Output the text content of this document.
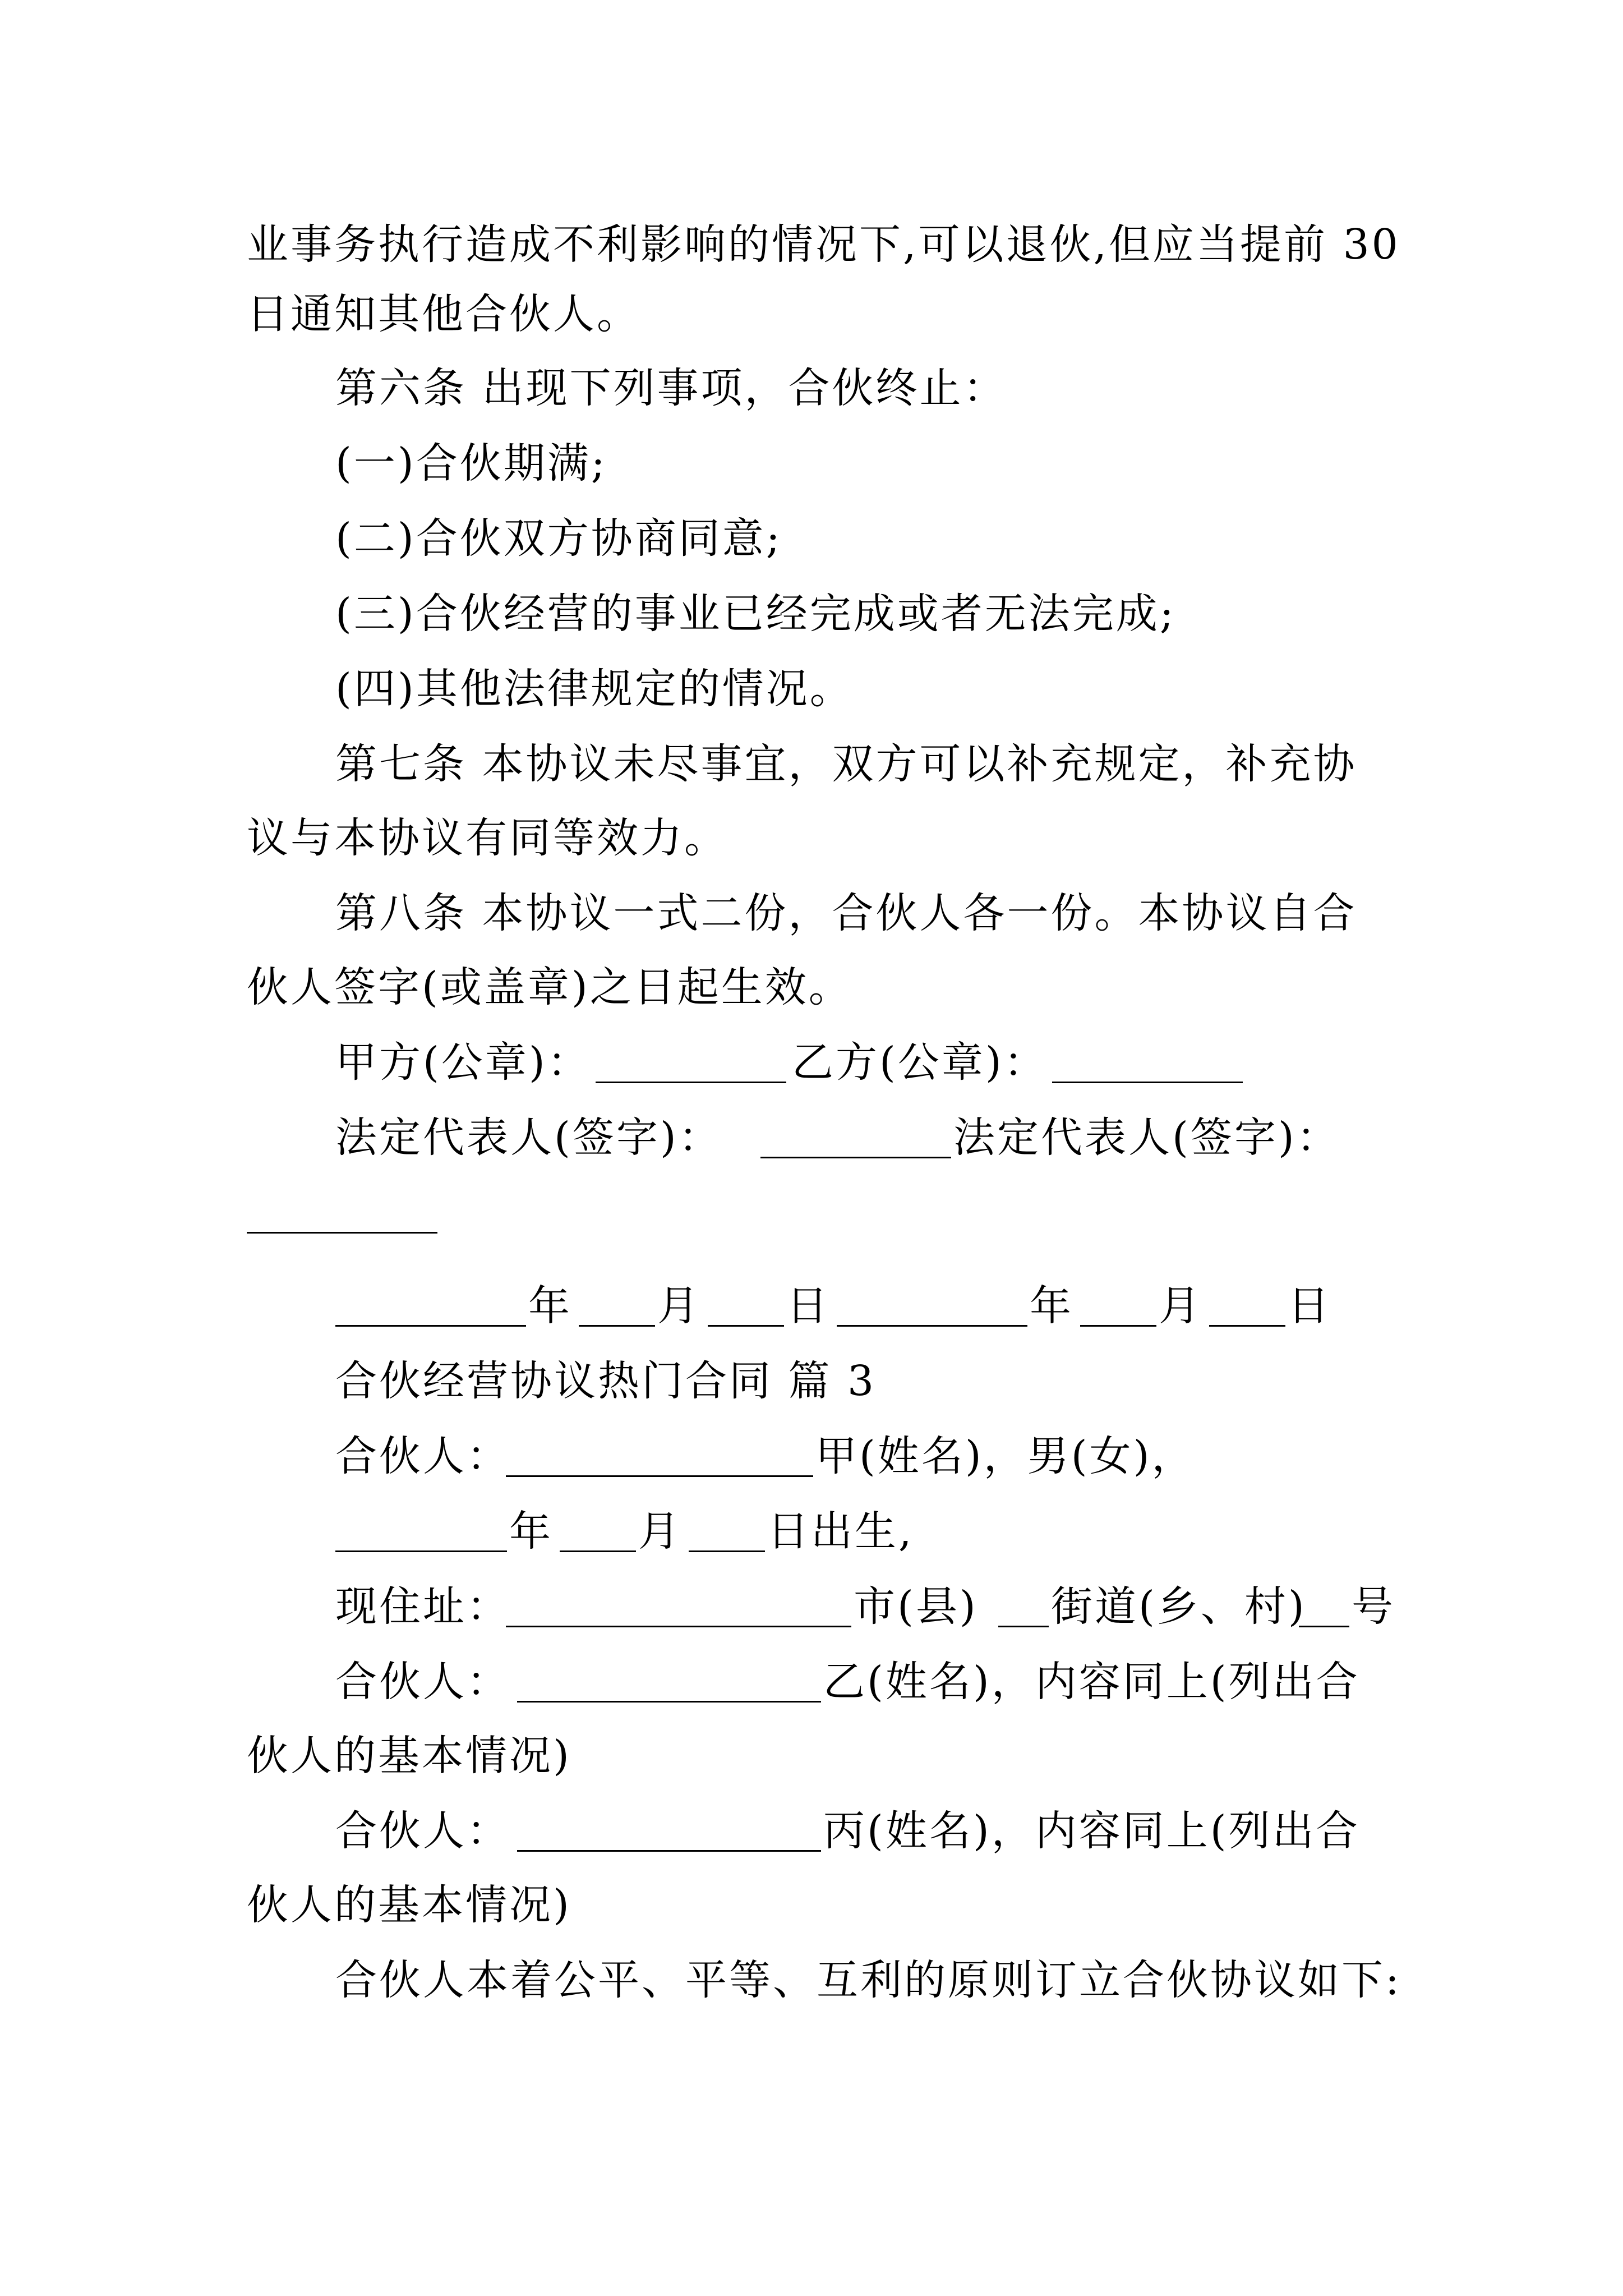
业事务执行造成不利影响的情况下,可以退伙,但应当提前 30
日通知其他合伙人。
第六条 出现下列事项，合伙终止：
(一)合伙期满;
(二)合伙双方协商同意;
(三)合伙经营的事业已经完成或者无法完成;
(四)其他法律规定的情况。
第七条 本协议未尽事宜，双方可以补充规定，补充协
议与本协议有同等效力。
第八条 本协议一式二份，合伙人各一份。本协议自合
伙人签字(或盖章)之日起生效。
甲方(公章)：	乙方(公章)：
法定代表人(签字)：	法定代表人(签字)：
年 月 日	年 月 日
合伙经营协议热门合同 篇 3
合伙人：	甲(姓名)，男(女)，
年 月 日出生,
现住址：	市(县) 街道(乡、村) 号
合伙人：	乙(姓名)，内容同上(列出合
伙人的基本情况)
合伙人：	丙(姓名)，内容同上(列出合
伙人的基本情况)
合伙人本着公平、平等、互利的原则订立合伙协议如下:
